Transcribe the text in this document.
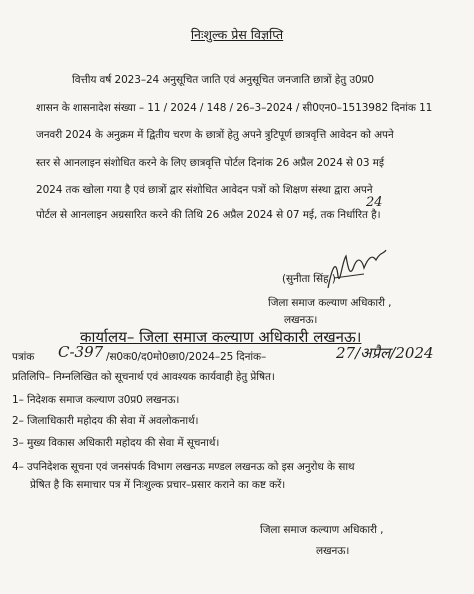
निःशुल्क प्रेस विज्ञप्ति
वित्तीय वर्ष 2023–24 अनुसूचित जाति एवं अनुसूचित जनजाति छात्रों हेतु उ0प्र0
शासन के शासनादेश संख्या – 11 / 2024 / 148 / 26–3–2024 / सी0एन0–1513982 दिनांक 11
जनवरी 2024 के अनुक्रम में द्वितीय चरण के छात्रों हेतु अपने त्रुटिपूर्ण छात्रवृत्ति आवेदन को अपने
स्तर से आनलाइन संशोधित करने के लिए छात्रवृत्ति पोर्टल दिनांक 26 अप्रैल 2024 से 03 मई
2024 तक खोला गया है एवं छात्रों द्वार संशोधित आवेदन पत्रों को शिक्षण संस्था द्वारा अपने
पोर्टल से आनलाइन अग्रसारित करने की तिथि 26 अप्रैल 2024 से 07 मई, तक निर्धारित है।
24
(सुनीता सिंह )
जिला समाज कल्याण अधिकारी ,
लखनऊ।
कार्यालय– जिला समाज कल्याण अधिकारी लखनऊ।
पत्रांक C-397 /स0क0/द0मो0छा0/2024–25 दिनांक–	27/अप्रैल/2024
प्रतिलिपि– निम्नलिखित को सूचनार्थ एवं आवश्यक कार्यवाही हेतु प्रेषित।
1– निदेशक समाज कल्याण उ0प्र0 लखनऊ।
2– जिलाधिकारी महोदय की सेवा में अवलोकनार्थ।
3– मुख्य विकास अधिकारी महोदय की सेवा में सूचनार्थ।
4– उपनिदेशक सूचना एवं जनसंपर्क विभाग लखनऊ मण्डल लखनऊ को इस अनुरोध के साथ
प्रेषित है कि समाचार पत्र में निःशुल्क प्रचार–प्रसार कराने का कष्ट करें।
जिला समाज कल्याण अधिकारी ,
लखनऊ।
